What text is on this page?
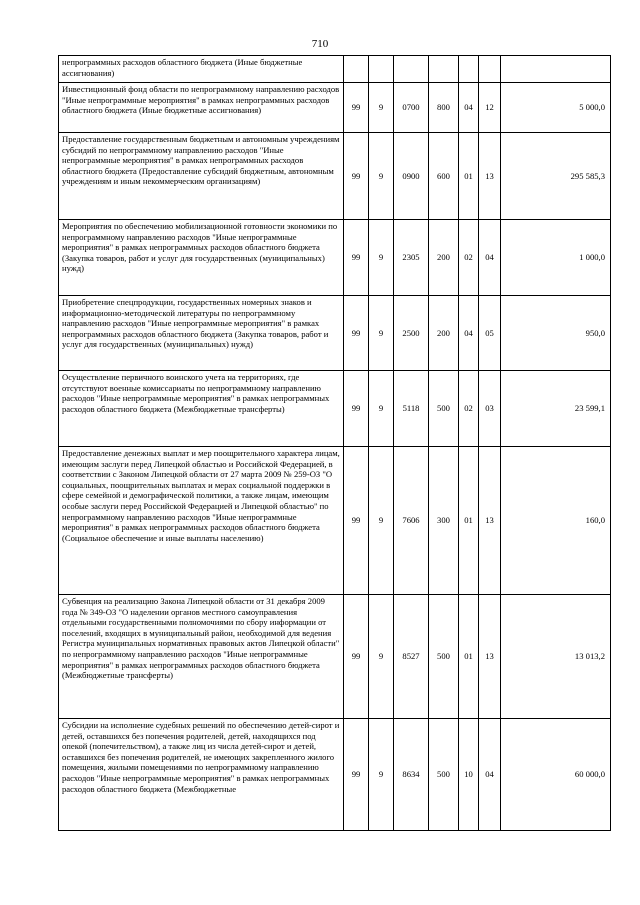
710
непрограммных расходов областного бюджета (Иные бюджетные ассигнования)							
Инвестиционный фонд области по непрограммному направлению расходов "Иные непрограммные мероприятия" в рамках непрограммных расходов областного бюджета (Иные бюджетные ассигнования)	99	9	0700	800	04	12	5 000,0
Предоставление государственным бюджетным и автономным учреждениям субсидий по непрограммному направлению расходов "Иные непрограммные мероприятия" в рамках непрограммных расходов областного бюджета (Предоставление субсидий бюджетным, автономным учреждениям и иным некоммерческим организациям)	99	9	0900	600	01	13	295 585,3
Мероприятия по обеспечению мобилизационной готовности экономики по непрограммному направлению расходов "Иные непрограммные мероприятия" в рамках непрограммных расходов областного бюджета (Закупка товаров, работ и услуг для государственных (муниципальных) нужд)	99	9	2305	200	02	04	1 000,0
Приобретение спецпродукции, государственных номерных знаков и информационно-методической литературы по непрограммному направлению расходов "Иные непрограммные мероприятия" в рамках непрограммных расходов областного бюджета (Закупка товаров, работ и услуг для государственных (муниципальных) нужд)	99	9	2500	200	04	05	950,0
Осуществление первичного воинского учета на территориях, где отсутствуют военные комиссариаты по непрограммному направлению расходов "Иные непрограммные мероприятия" в рамках непрограммных расходов областного бюджета (Межбюджетные трансферты)	99	9	5118	500	02	03	23 599,1
Предоставление денежных выплат и мер поощрительного характера лицам, имеющим заслуги перед Липецкой областью и Российской Федерацией, в соответствии с Законом Липецкой области от 27 марта 2009 № 259-ОЗ "О социальных, поощрительных выплатах и мерах социальной поддержки в сфере семейной и демографической политики, а также лицам, имеющим особые заслуги перед Российской Федерацией и Липецкой областью" по непрограммному направлению расходов "Иные непрограммные мероприятия" в рамках непрограммных расходов областного бюджета (Социальное обеспечение и иные выплаты населению)	99	9	7606	300	01	13	160,0
Субвенция на реализацию Закона Липецкой области от 31 декабря 2009 года № 349-ОЗ "О наделении органов местного самоуправления отдельными государственными полномочиями по сбору информации от поселений, входящих в муниципальный район, необходимой для ведения Регистра муниципальных нормативных правовых актов Липецкой области" по непрограммному направлению расходов "Иные непрограммные мероприятия" в рамках непрограммных расходов областного бюджета (Межбюджетные трансферты)	99	9	8527	500	01	13	13 013,2
Субсидии на исполнение судебных решений по обеспечению детей-сирот и детей, оставшихся без попечения родителей, детей, находящихся под опекой (попечительством), а также лиц из числа детей-сирот и детей, оставшихся без попечения родителей, не имеющих закрепленного жилого помещения, жилыми помещениями по непрограммному направлению расходов "Иные непрограммные мероприятия" в рамках непрограммных расходов областного бюджета (Межбюджетные	99	9	8634	500	10	04	60 000,0
